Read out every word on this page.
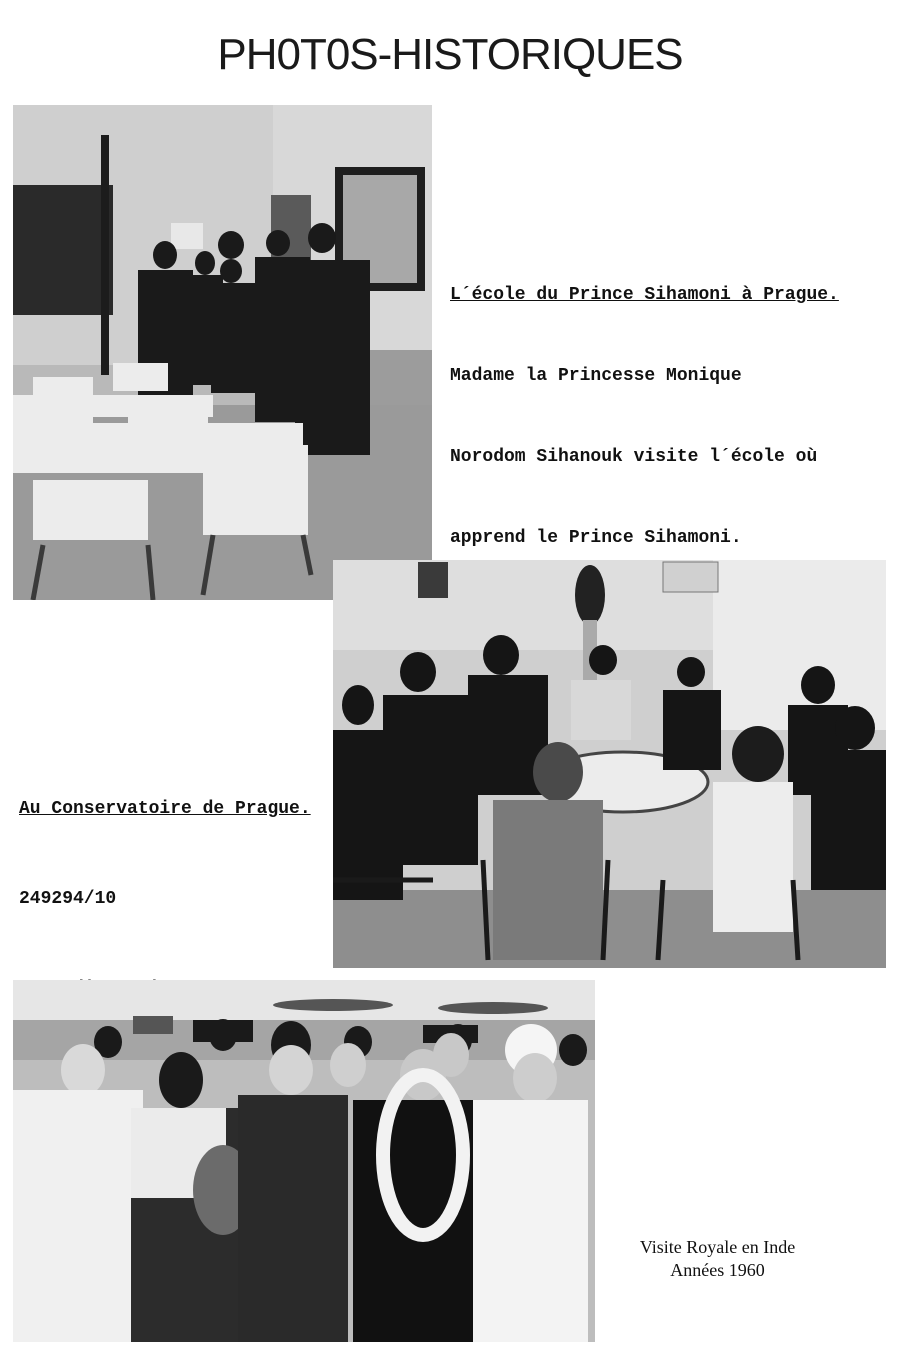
PH0T0S-HISTORIQUES

L´école du Prince Sihamoni à Prague.

Madame la Princesse Monique

Norodom Sihanouk visite l´école où

apprend le Prince Sihamoni.

Au Conservatoire de Prague.

249294/10

Visite Royale en Inde
Années 1960
